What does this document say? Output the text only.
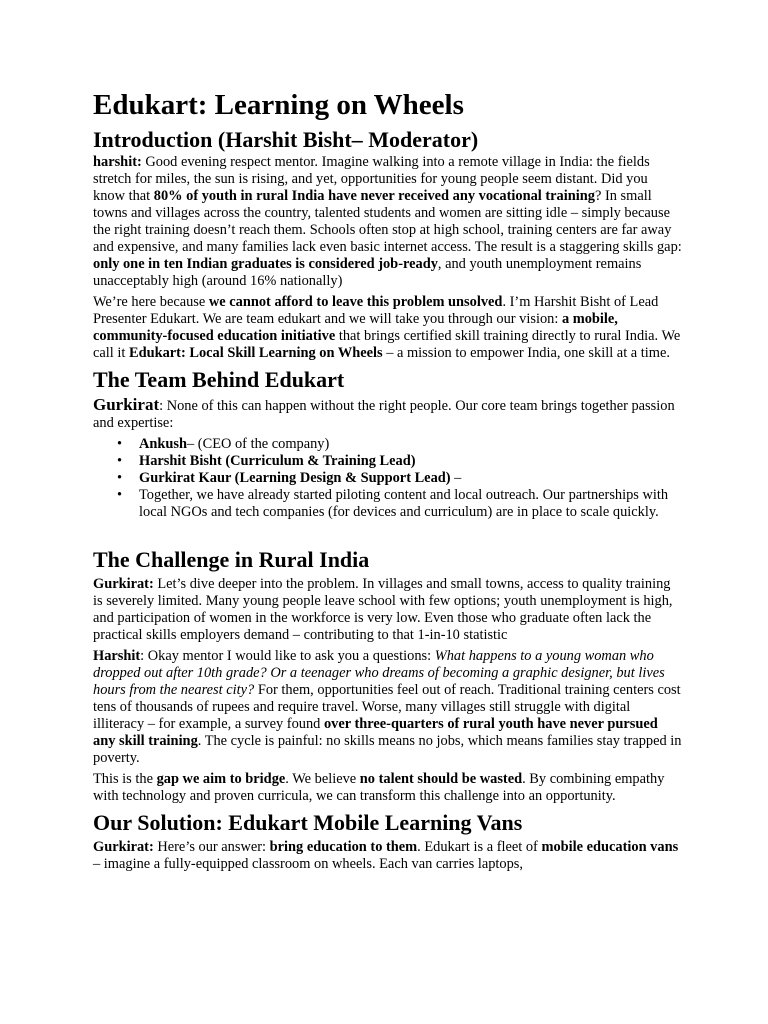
Edukart: Learning on Wheels
Introduction (Harshit Bisht– Moderator)

harshit: Good evening respect mentor. Imagine walking into a remote village in India: the fields stretch for miles, the sun is rising, and yet, opportunities for young people seem distant. Did you know that 80% of youth in rural India have never received any vocational training? In small towns and villages across the country, talented students and women are sitting idle – simply because the right training doesn’t reach them. Schools often stop at high school, training centers are far away and expensive, and many families lack even basic internet access. The result is a staggering skills gap: only one in ten Indian graduates is considered job-ready, and youth unemployment remains unacceptably high (around 16% nationally)

We’re here because we cannot afford to leave this problem unsolved. I’m Harshit Bisht of Lead Presenter Edukart. We are team edukart and we will take you through our vision: a mobile, community-focused education initiative that brings certified skill training directly to rural India. We call it Edukart: Local Skill Learning on Wheels – a mission to empower India, one skill at a time.

The Team Behind Edukart

Gurkirat: None of this can happen without the right people. Our core team brings together passion and expertise:

• Ankush– (CEO of the company)
• Harshit Bisht (Curriculum & Training Lead)
• Gurkirat Kaur (Learning Design & Support Lead) –
• Together, we have already started piloting content and local outreach. Our partnerships with local NGOs and tech companies (for devices and curriculum) are in place to scale quickly.
The Challenge in Rural India

Gurkirat: Let’s dive deeper into the problem. In villages and small towns, access to quality training is severely limited. Many young people leave school with few options; youth unemployment is high, and participation of women in the workforce is very low. Even those who graduate often lack the practical skills employers demand – contributing to that 1-in-10 statistic

Harshit: Okay mentor I would like to ask you a questions: What happens to a young woman who dropped out after 10th grade? Or a teenager who dreams of becoming a graphic designer, but lives hours from the nearest city? For them, opportunities feel out of reach. Traditional training centers cost tens of thousands of rupees and require travel. Worse, many villages still struggle with digital illiteracy – for example, a survey found over three-quarters of rural youth have never pursued any skill training. The cycle is painful: no skills means no jobs, which means families stay trapped in poverty.

This is the gap we aim to bridge. We believe no talent should be wasted. By combining empathy with technology and proven curricula, we can transform this challenge into an opportunity.

Our Solution: Edukart Mobile Learning Vans

Gurkirat: Here’s our answer: bring education to them. Edukart is a fleet of mobile education vans – imagine a fully-equipped classroom on wheels. Each van carries laptops,
